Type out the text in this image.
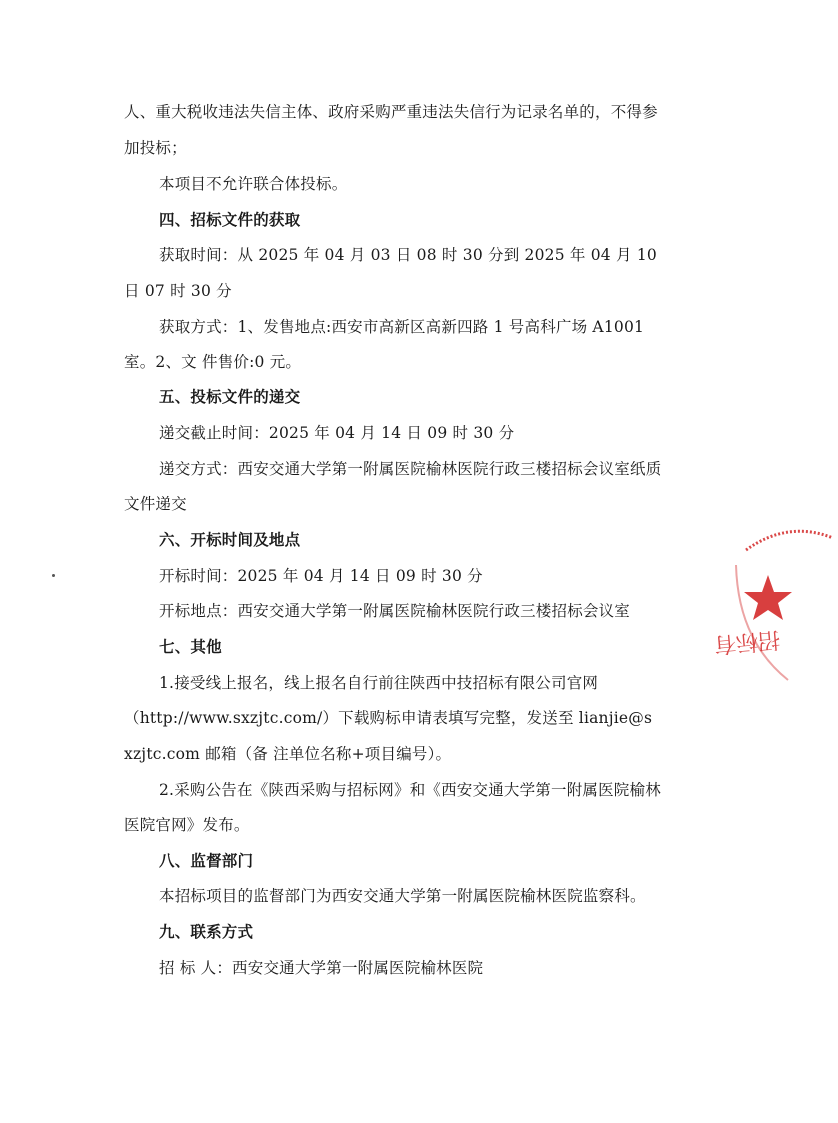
人、重大税收违法失信主体、政府采购严重违法失信行为记录名单的，不得参
加投标；
本项目不允许联合体投标。
四、招标文件的获取
获取时间：从 2025 年 04 月 03 日 08 时 30 分到 2025 年 04 月 10
日 07 时 30 分
获取方式：1、发售地点:西安市高新区高新四路 1 号高科广场 A1001
室。2、文 件售价:0 元。
五、投标文件的递交
递交截止时间：2025 年 04 月 14 日 09 时 30 分
递交方式：西安交通大学第一附属医院榆林医院行政三楼招标会议室纸质
文件递交
六、开标时间及地点
开标时间：2025 年 04 月 14 日 09 时 30 分
开标地点：西安交通大学第一附属医院榆林医院行政三楼招标会议室
七、其他
1.接受线上报名，线上报名自行前往陕西中技招标有限公司官网
（http://www.sxzjtc.com/）下载购标申请表填写完整，发送至 lianjie@s
xzjtc.com 邮箱（备 注单位名称+项目编号）。
2.采购公告在《陕西采购与招标网》和《西安交通大学第一附属医院榆林
医院官网》发布。
八、监督部门
本招标项目的监督部门为西安交通大学第一附属医院榆林医院监察科。
九、联系方式
招 标 人：西安交通大学第一附属医院榆林医院
招标有
